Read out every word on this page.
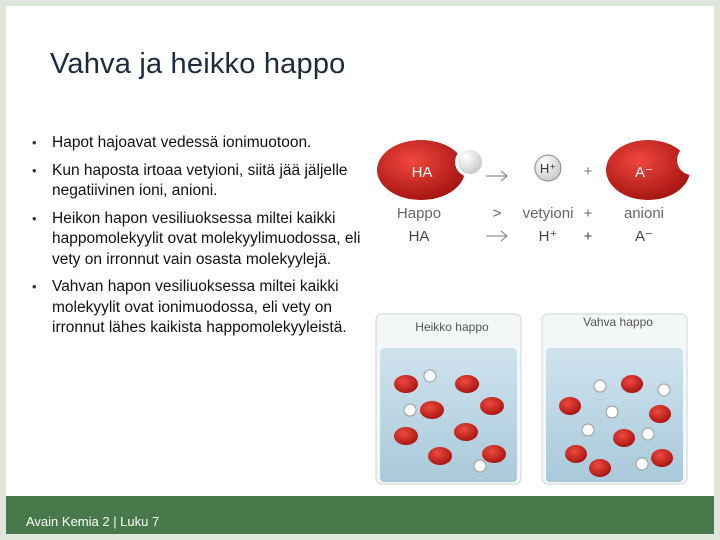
Vahva ja heikko happo
• Hapot hajoavat vedessä ionimuotoon.
• Kun haposta irtoaa vetyioni, siitä jää jäljelle negatiivinen ioni, anioni.
• Heikon hapon vesiliuoksessa miltei kaikki happomolekyylit ovat molekyylimuodossa, eli vety on irronnut vain osasta molekyylejä.
• Vahvan hapon vesiliuoksessa miltei kaikki molekyylit ovat ionimuodossa, eli vety on irronnut lähes kaikista happomolekyyleistä.
HA	H⁺ +	A⁻
Happo	> vetyioni + anioni
HA	H⁺ +	A⁻
Heikko happo	Vahva happo
Avain Kemia 2 | Luku 7
